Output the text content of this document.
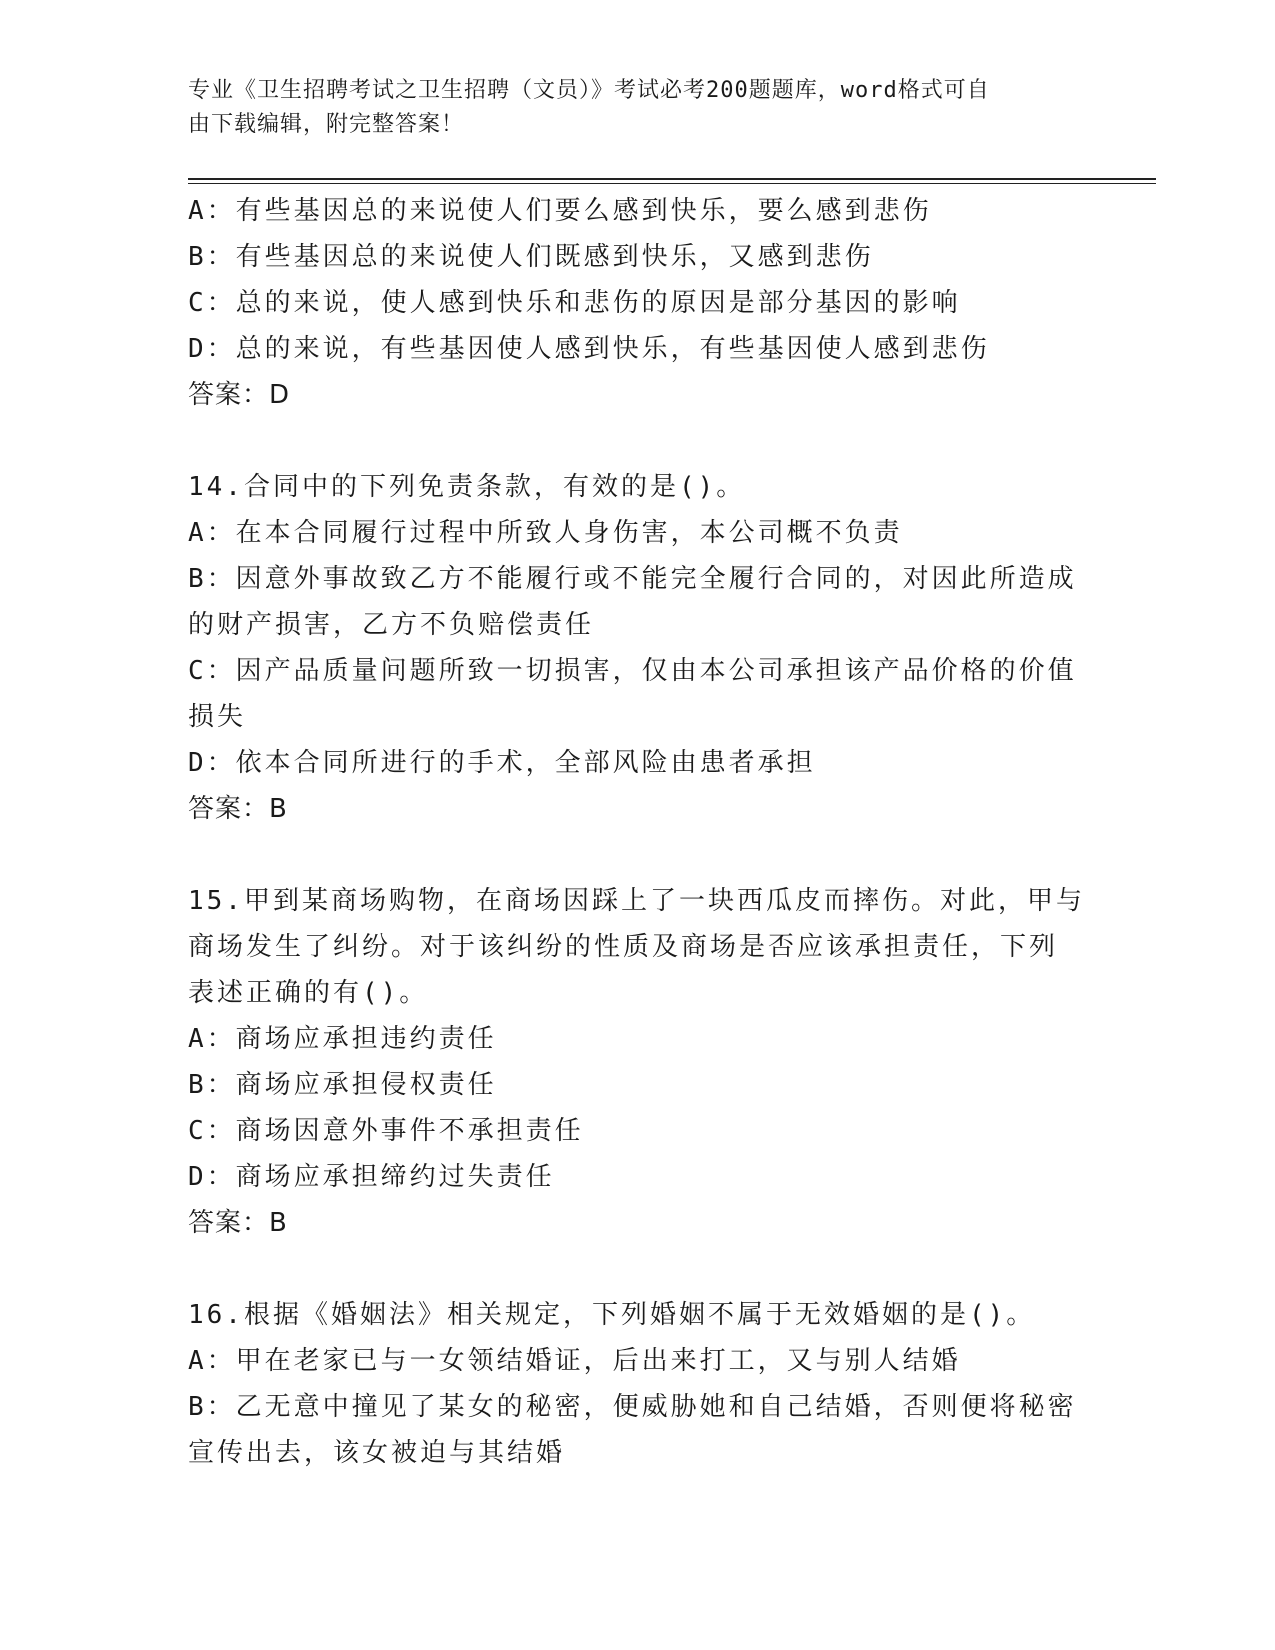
专业《卫生招聘考试之卫生招聘（文员）》考试必考200题题库，word格式可自
由下载编辑，附完整答案！
A：有些基因总的来说使人们要么感到快乐，要么感到悲伤
B：有些基因总的来说使人们既感到快乐，又感到悲伤
C：总的来说，使人感到快乐和悲伤的原因是部分基因的影响
D：总的来说，有些基因使人感到快乐，有些基因使人感到悲伤
答案：D
14.合同中的下列免责条款，有效的是()。
A：在本合同履行过程中所致人身伤害，本公司概不负责
B：因意外事故致乙方不能履行或不能完全履行合同的，对因此所造成
的财产损害，乙方不负赔偿责任
C：因产品质量问题所致一切损害，仅由本公司承担该产品价格的价值
损失
D：依本合同所进行的手术，全部风险由患者承担
答案：B
15.甲到某商场购物，在商场因踩上了一块西瓜皮而摔伤。对此，甲与
商场发生了纠纷。对于该纠纷的性质及商场是否应该承担责任，下列
表述正确的有()。
A：商场应承担违约责任
B：商场应承担侵权责任
C：商场因意外事件不承担责任
D：商场应承担缔约过失责任
答案：B
16.根据《婚姻法》相关规定，下列婚姻不属于无效婚姻的是()。
A：甲在老家已与一女领结婚证，后出来打工，又与别人结婚
B：乙无意中撞见了某女的秘密，便威胁她和自己结婚，否则便将秘密
宣传出去，该女被迫与其结婚
